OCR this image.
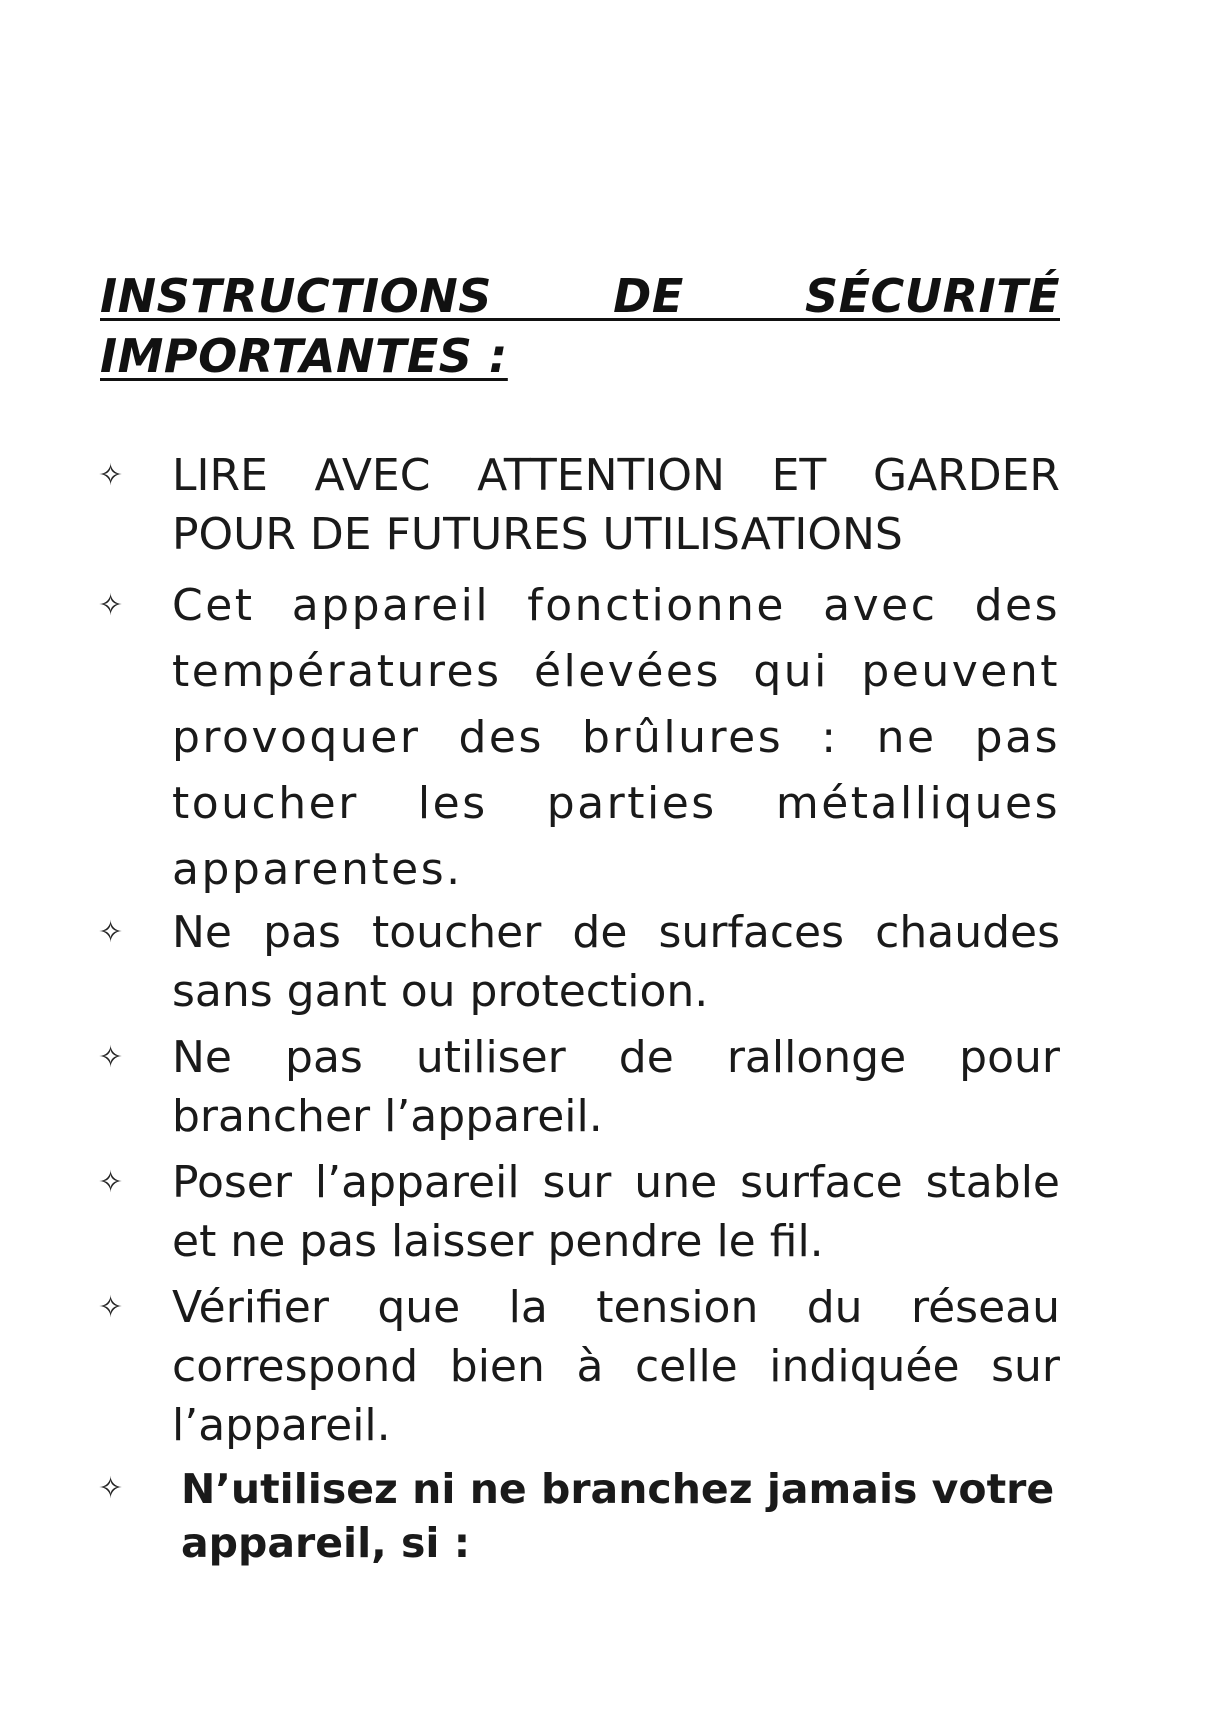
INSTRUCTIONS DE SÉCURITÉ IMPORTANTES :
✧	LIRE AVEC ATTENTION ET GARDER POUR DE FUTURES UTILISATIONS
✧ Cet appareil fonctionne avec des températures élevées qui peuvent provoquer des brûlures : ne pas toucher les parties métalliques apparentes.
✧	Ne pas toucher de surfaces chaudes sans gant ou protection.
✧	Ne pas utiliser de rallonge pour brancher l’appareil.
✧	Poser l’appareil sur une surface stable et ne pas laisser pendre le fil.
✧	Vérifier que la tension du réseau correspond bien à celle indiquée sur l’appareil.
✧	N’utilisez ni ne branchez jamais votre appareil, si :
